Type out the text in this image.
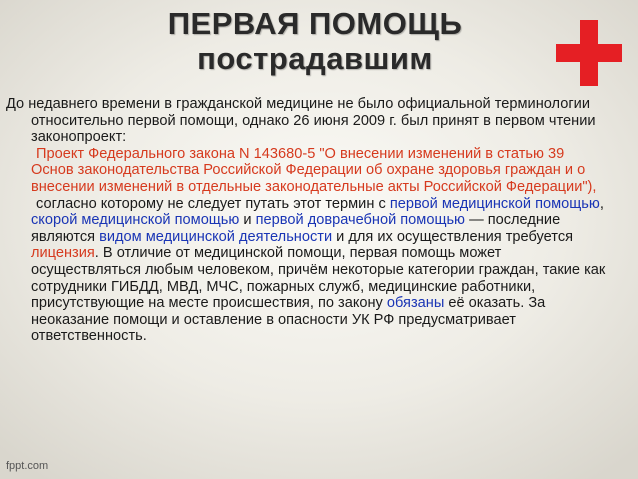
ПЕРВАЯ ПОМОЩЬ
пострадавшим

До недавнего времени в гражданской медицине не было официальной терминологии относительно первой помощи, однако 26 июня 2009 г. был принят в первом чтении законопроект:

Проект Федерального закона N 143680-5 "О внесении изменений в статью 39 Основ законодательства Российской Федерации об охране здоровья граждан и о внесении изменений в отдельные законодательные акты Российской Федерации"),

согласно которому не следует путать этот термин с первой медицинской помощью, скорой медицинской помощью и первой доврачебной помощью — последние являются видом медицинской деятельности и для их осуществления требуется лицензия. В отличие от медицинской помощи, первая помощь может осуществляться любым человеком, причём некоторые категории граждан, такие как сотрудники ГИБДД, МВД, МЧС, пожарных служб, медицинские работники, присутствующие на месте происшествия, по закону обязаны её оказать. За неоказание помощи и оставление в опасности УК РФ предусматривает ответственность.

fppt.com
